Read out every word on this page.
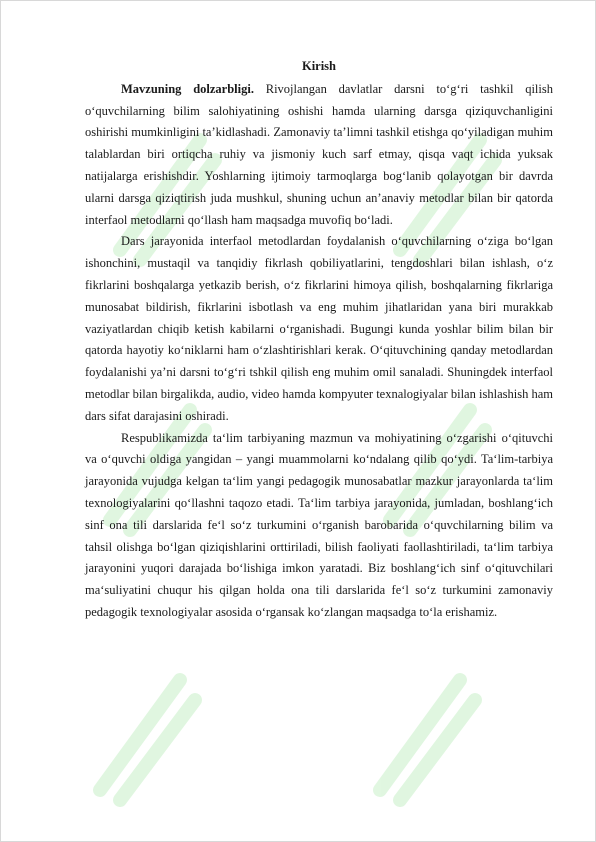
Kirish

Mavzuning dolzarbligi. Rivojlangan davlatlar darsni to‘g‘ri tashkil qilish o‘quvchilarning bilim salohiyatining oshishi hamda ularning darsga qiziquvchanligini oshirishi mumkinligini ta’kidlashadi. Zamonaviy ta’limni tashkil etishga qo‘yiladigan muhim talablardan biri ortiqcha ruhiy va jismoniy kuch sarf etmay, qisqa vaqt ichida yuksak natijalarga erishishdir. Yoshlarning ijtimoiy tarmoqlarga bog‘lanib qolayotgan bir davrda ularni darsga qiziqtirish juda mushkul, shuning uchun an’anaviy metodlar bilan bir qatorda interfaol metodlarni qo‘llash ham maqsadga muvofiq bo‘ladi.

Dars jarayonida interfaol metodlardan foydalanish o‘quvchilarning o‘ziga bo‘lgan ishonchini, mustaqil va tanqidiy fikrlash qobiliyatlarini, tengdoshlari bilan ishlash, o‘z fikrlarini boshqalarga yetkazib berish, o‘z fikrlarini himoya qilish, boshqalarning fikrlariga munosabat bildirish, fikrlarini isbotlash va eng muhim jihatlaridan yana biri murakkab vaziyatlardan chiqib ketish kabilarni o‘rganishadi. Bugungi kunda yoshlar bilim bilan bir qatorda hayotiy ko‘niklarni ham o‘zlashtirishlari kerak. O‘qituvchining qanday metodlardan foydalanishi ya’ni darsni to‘g‘ri tshkil qilish eng muhim omil sanaladi. Shuningdek interfaol metodlar bilan birgalikda, audio, video hamda kompyuter texnalogiyalar bilan ishlashish ham dars sifat darajasini oshiradi.

Respublikamizda ta‘lim tarbiyaning mazmun va mohiyatining o‘zgarishi o‘qituvchi va o‘quvchi oldiga yangidan – yangi muammolarni ko‘ndalang qilib qo‘ydi. Ta‘lim-tarbiya jarayonida vujudga kelgan ta‘lim yangi pedagogik munosabatlar mazkur jarayonlarda ta‘lim texnologiyalarini qo‘llashni taqozo etadi. Ta‘lim tarbiya jarayonida, jumladan, boshlang‘ich sinf ona tili darslarida fe‘l so‘z turkumini o‘rganish barobarida o‘quvchilarning bilim va tahsil olishga bo‘lgan qiziqishlarini orttiriladi, bilish faoliyati faollashtiriladi, ta‘lim tarbiya jarayonini yuqori darajada bo‘lishiga imkon yaratadi. Biz boshlang‘ich sinf o‘qituvchilari ma‘suliyatini chuqur his qilgan holda ona tili darslarida fe‘l so‘z turkumini zamonaviy pedagogik texnologiyalar asosida o‘rgansak ko‘zlangan maqsadga to‘la erishamiz.
